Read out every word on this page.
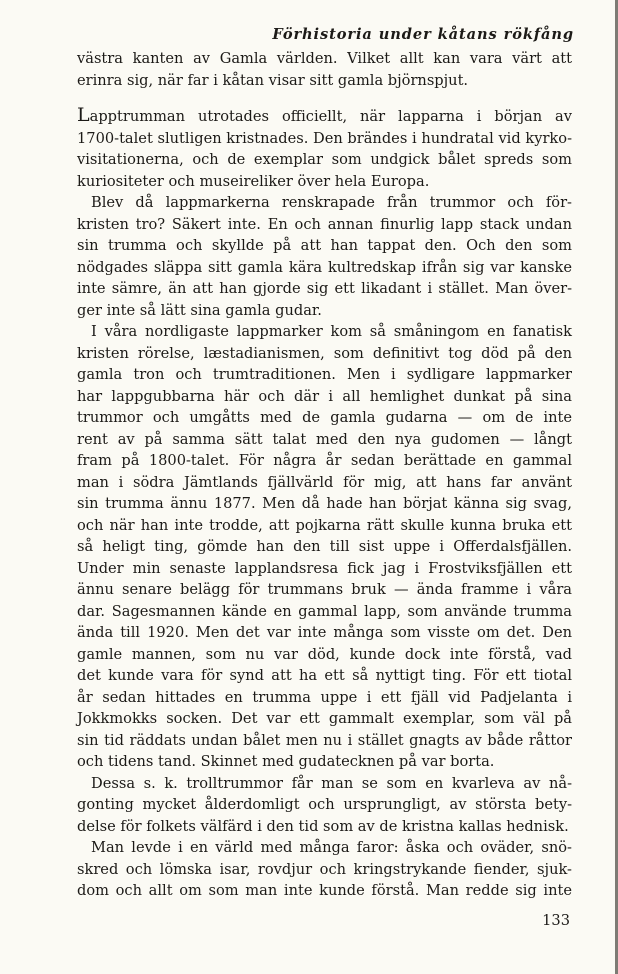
Förhistoria under kåtans rökfång
västra kanten av Gamla världen. Vilket allt kan vara värt att
erinra sig, när far i kåtan visar sitt gamla björnspjut.
Lapptrumman utrotades officiellt, när lapparna i början av
1700-talet slutligen kristnades. Den brändes i hundratal vid kyrko-
visitationerna, och de exemplar som undgick bålet spreds som
kuriositeter och museireliker över hela Europa.
Blev då lappmarkerna renskrapade från trummor och för-
kristen tro? Säkert inte. En och annan finurlig lapp stack undan
sin trumma och skyllde på att han tappat den. Och den som
nödgades släppa sitt gamla kära kultredskap ifrån sig var kanske
inte sämre, än att han gjorde sig ett likadant i stället. Man över-
ger inte så lätt sina gamla gudar.
I våra nordligaste lappmarker kom så småningom en fanatisk
kristen rörelse, læstadianismen, som definitivt tog död på den
gamla tron och trumtraditionen. Men i sydligare lappmarker
har lappgubbarna här och där i all hemlighet dunkat på sina
trummor och umgåtts med de gamla gudarna — om de inte
rent av på samma sätt talat med den nya gudomen — långt
fram på 1800-talet. För några år sedan berättade en gammal
man i södra Jämtlands fjällvärld för mig, att hans far använt
sin trumma ännu 1877. Men då hade han börjat känna sig svag,
och när han inte trodde, att pojkarna rätt skulle kunna bruka ett
så heligt ting, gömde han den till sist uppe i Offerdalsfjällen.
Under min senaste lapplandsresa fick jag i Frostviksfjällen ett
ännu senare belägg för trummans bruk — ända framme i våra
dar. Sagesmannen kände en gammal lapp, som använde trumma
ända till 1920. Men det var inte många som visste om det. Den
gamle mannen, som nu var död, kunde dock inte förstå, vad
det kunde vara för synd att ha ett så nyttigt ting. För ett tiotal
år sedan hittades en trumma uppe i ett fjäll vid Padjelanta i
Jokkmokks socken. Det var ett gammalt exemplar, som väl på
sin tid räddats undan bålet men nu i stället gnagts av både råttor
och tidens tand. Skinnet med gudatecknen på var borta.
Dessa s. k. trolltrummor får man se som en kvarleva av nå-
gonting mycket ålderdomligt och ursprungligt, av största bety-
delse för folkets välfärd i den tid som av de kristna kallas hednisk.
Man levde i en värld med många faror: åska och oväder, snö-
skred och lömska isar, rovdjur och kringstrykande fiender, sjuk-
dom och allt om som man inte kunde förstå. Man redde sig inte
133
